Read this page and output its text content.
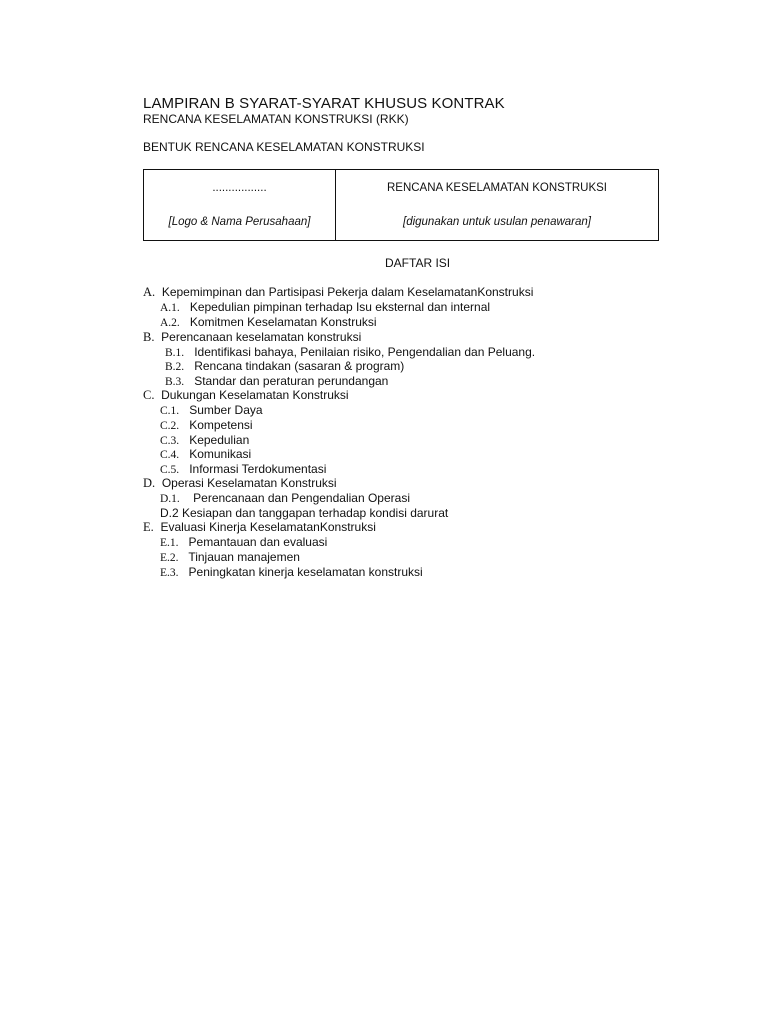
LAMPIRAN B SYARAT-SYARAT KHUSUS KONTRAK
RENCANA KESELAMATAN KONSTRUKSI (RKK)
BENTUK RENCANA KESELAMATAN KONSTRUKSI
.................
[Logo & Nama Perusahaan]
RENCANA KESELAMATAN KONSTRUKSI
[digunakan untuk usulan penawaran]
DAFTAR ISI
A. Kepemimpinan dan Partisipasi Pekerja dalam KeselamatanKonstruksi
A.1. Kepedulian pimpinan terhadap Isu eksternal dan internal
A.2. Komitmen Keselamatan Konstruksi
B. Perencanaan keselamatan konstruksi
B.1. Identifikasi bahaya, Penilaian risiko, Pengendalian dan Peluang.
B.2. Rencana tindakan (sasaran & program)
B.3. Standar dan peraturan perundangan
C. Dukungan Keselamatan Konstruksi
C.1. Sumber Daya
C.2. Kompetensi
C.3. Kepedulian
C.4. Komunikasi
C.5. Informasi Terdokumentasi
D. Operasi Keselamatan Konstruksi
D.1. Perencanaan dan Pengendalian Operasi
D.2 Kesiapan dan tanggapan terhadap kondisi darurat
E. Evaluasi Kinerja KeselamatanKonstruksi
E.1. Pemantauan dan evaluasi
E.2. Tinjauan manajemen
E.3. Peningkatan kinerja keselamatan konstruksi
